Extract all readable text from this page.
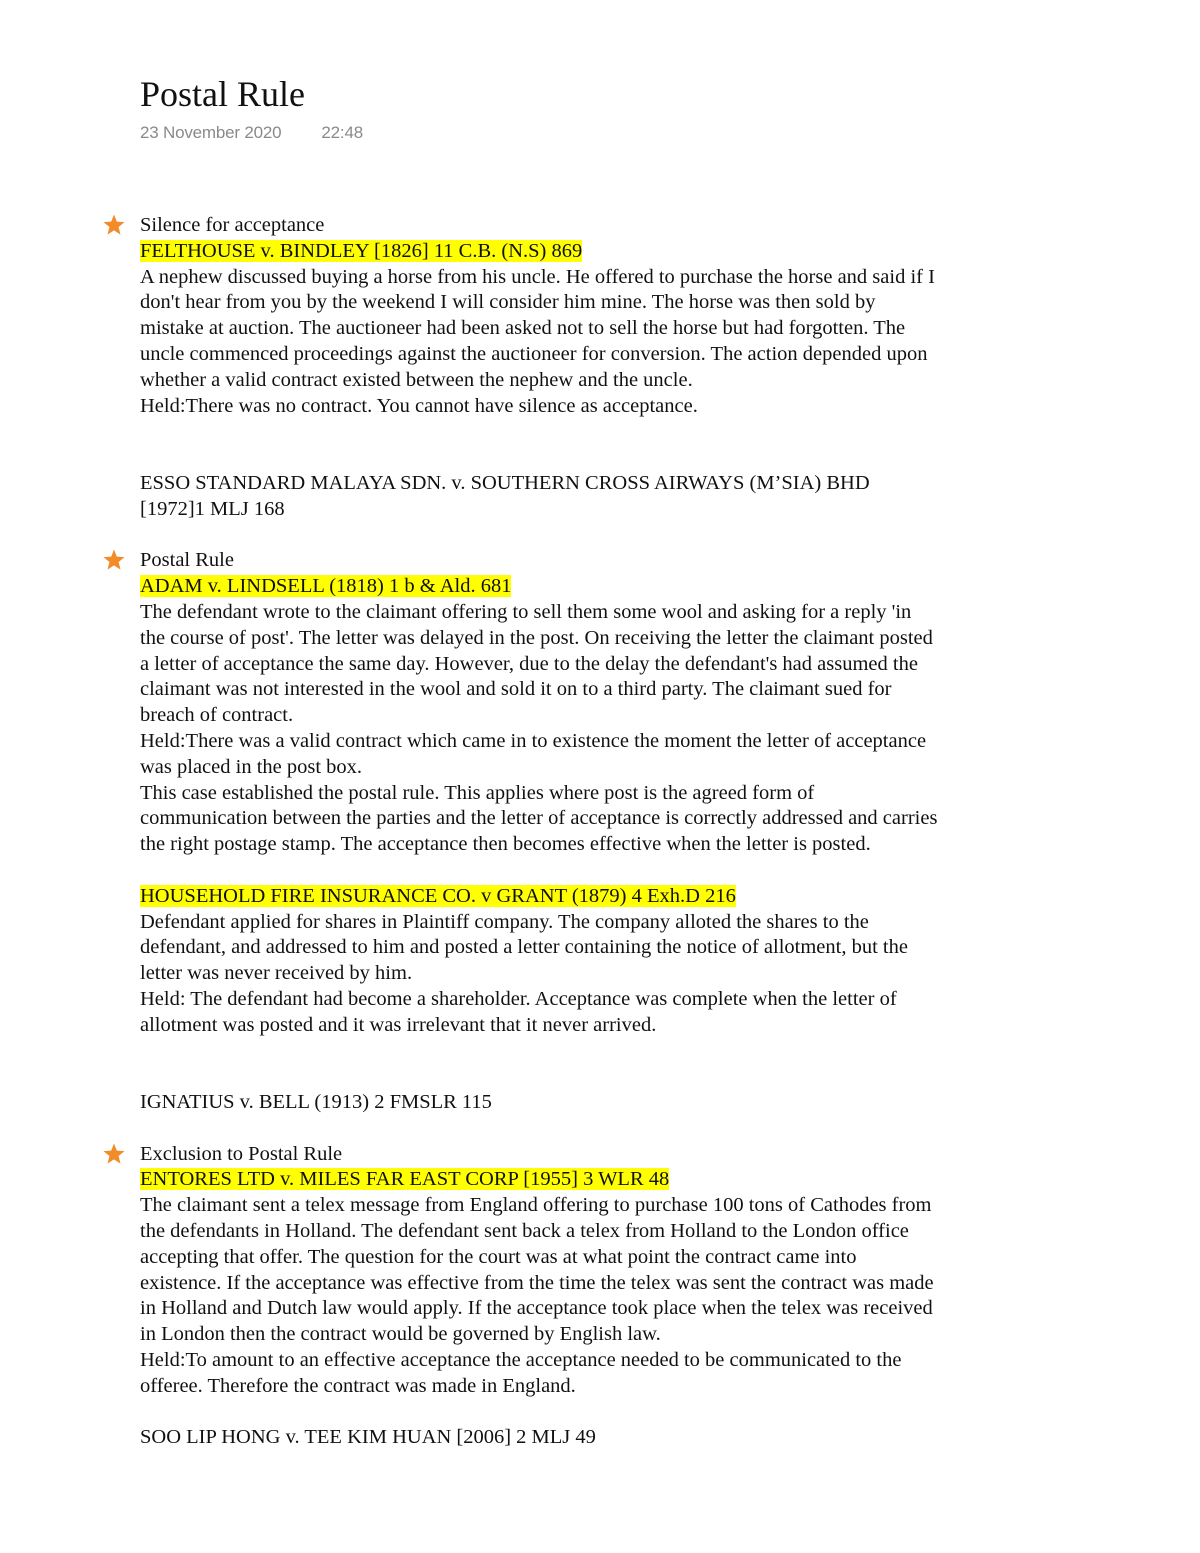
Postal Rule
23 November 2020 22:48
Silence for acceptance
FELTHOUSE v. BINDLEY [1826] 11 C.B. (N.S) 869
A nephew discussed buying a horse from his uncle. He offered to purchase the horse and said if I
don't hear from you by the weekend I will consider him mine. The horse was then sold by
mistake at auction. The auctioneer had been asked not to sell the horse but had forgotten. The
uncle commenced proceedings against the auctioneer for conversion. The action depended upon
whether a valid contract existed between the nephew and the uncle.
Held:There was no contract. You cannot have silence as acceptance.
ESSO STANDARD MALAYA SDN. v. SOUTHERN CROSS AIRWAYS (M’SIA) BHD
[1972]1 MLJ 168
Postal Rule
ADAM v. LINDSELL (1818) 1 b & Ald. 681
The defendant wrote to the claimant offering to sell them some wool and asking for a reply 'in
the course of post'. The letter was delayed in the post. On receiving the letter the claimant posted
a letter of acceptance the same day. However, due to the delay the defendant's had assumed the
claimant was not interested in the wool and sold it on to a third party. The claimant sued for
breach of contract.
Held:There was a valid contract which came in to existence the moment the letter of acceptance
was placed in the post box.
This case established the postal rule. This applies where post is the agreed form of
communication between the parties and the letter of acceptance is correctly addressed and carries
the right postage stamp. The acceptance then becomes effective when the letter is posted.
HOUSEHOLD FIRE INSURANCE CO. v GRANT (1879) 4 Exh.D 216
Defendant applied for shares in Plaintiff company. The company alloted the shares to the
defendant, and addressed to him and posted a letter containing the notice of allotment, but the
letter was never received by him.
Held: The defendant had become a shareholder. Acceptance was complete when the letter of
allotment was posted and it was irrelevant that it never arrived.
IGNATIUS v. BELL (1913) 2 FMSLR 115
Exclusion to Postal Rule
ENTORES LTD v. MILES FAR EAST CORP [1955] 3 WLR 48
The claimant sent a telex message from England offering to purchase 100 tons of Cathodes from
the defendants in Holland. The defendant sent back a telex from Holland to the London office
accepting that offer. The question for the court was at what point the contract came into
existence. If the acceptance was effective from the time the telex was sent the contract was made
in Holland and Dutch law would apply. If the acceptance took place when the telex was received
in London then the contract would be governed by English law.
Held:To amount to an effective acceptance the acceptance needed to be communicated to the
offeree. Therefore the contract was made in England.
SOO LIP HONG v. TEE KIM HUAN [2006] 2 MLJ 49
